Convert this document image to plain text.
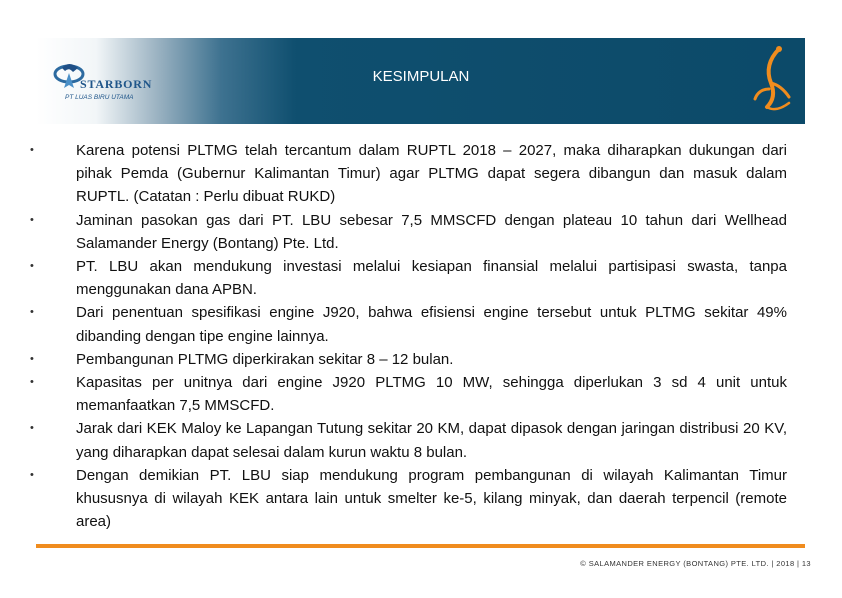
STARBORN
PT LUAS BIRU UTAMA
KESIMPULAN
•	Karena potensi PLTMG telah tercantum dalam RUPTL 2018 – 2027, maka diharapkan dukungan dari pihak Pemda (Gubernur Kalimantan Timur) agar PLTMG dapat segera dibangun dan masuk dalam RUPTL. (Catatan : Perlu dibuat RUKD)
•	Jaminan pasokan gas dari PT. LBU sebesar 7,5 MMSCFD dengan plateau 10 tahun dari Wellhead Salamander Energy (Bontang) Pte. Ltd.
•	PT. LBU akan mendukung investasi melalui kesiapan finansial melalui partisipasi swasta, tanpa menggunakan dana APBN.
•	Dari penentuan spesifikasi engine J920, bahwa efisiensi engine tersebut untuk PLTMG sekitar 49% dibanding dengan tipe engine lainnya.
•	Pembangunan PLTMG diperkirakan sekitar 8 – 12 bulan.
•	Kapasitas per unitnya dari engine J920 PLTMG 10 MW, sehingga diperlukan 3 sd 4 unit untuk memanfaatkan 7,5 MMSCFD.
•	Jarak dari KEK Maloy ke Lapangan Tutung sekitar 20 KM, dapat dipasok dengan jaringan distribusi 20 KV, yang diharapkan dapat selesai dalam kurun waktu 8 bulan.
•	Dengan demikian PT. LBU siap mendukung program pembangunan di wilayah Kalimantan Timur khususnya di wilayah KEK antara lain untuk smelter ke-5, kilang minyak, dan daerah terpencil (remote area)
© SALAMANDER ENERGY (BONTANG) PTE. LTD. | 2018 | 13
